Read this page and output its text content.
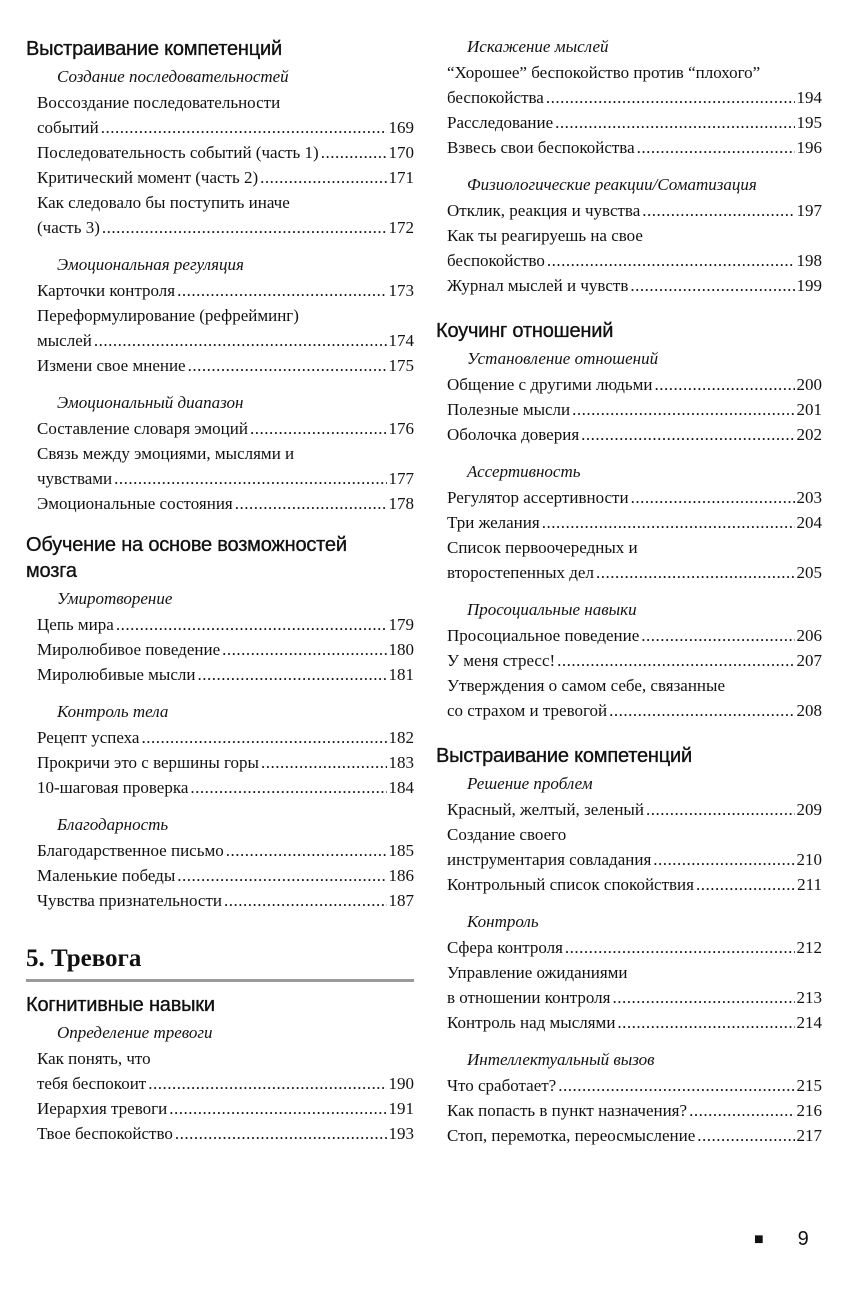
Выстраивание компетенций
Создание последовательностей
Воссоздание последовательности
событий .....	169
Последовательность событий (часть 1) .....	170
Критический момент (часть 2) .....	171
Как следовало бы поступить иначе
(часть 3) .....	172
Эмоциональная регуляция
Карточки контроля .....	173
Переформулирование (рефрейминг)
мыслей .....	174
Измени свое мнение .....	175
Эмоциональный диапазон
Составление словаря эмоций .....	176
Связь между эмоциями, мыслями и
чувствами .....	177
Эмоциональные состояния .....	178
Обучение на основе возможностей
мозга
Умиротворение
Цепь мира .....	179
Миролюбивое поведение .....	180
Миролюбивые мысли .....	181
Контроль тела
Рецепт успеха .....	182
Прокричи это с вершины горы .....	183
10-шаговая проверка .....	184
Благодарность
Благодарственное письмо .....	185
Маленькие победы .....	186
Чувства признательности .....	187
5. Тревога
Когнитивные навыки
Определение тревоги
Как понять, что
тебя беспокоит .....	190
Иерархия тревоги .....	191
Твое беспокойство .....	193
Искажение мыслей
“Хорошее” беспокойство против “плохого”
беспокойства .....	194
Расследование .....	195
Взвесь свои беспокойства .....	196
Физиологические реакции/Соматизация
Отклик, реакция и чувства .....	197
Как ты реагируешь на свое
беспокойство .....	198
Журнал мыслей и чувств .....	199
Коучинг отношений
Установление отношений
Общение с другими людьми .....	200
Полезные мысли .....	201
Оболочка доверия .....	202
Ассертивность
Регулятор ассертивности .....	203
Три желания .....	204
Список первоочередных и
второстепенных дел .....	205
Просоциальные навыки
Просоциальное поведение .....	206
У меня стресс! .....	207
Утверждения о самом себе, связанные
со страхом и тревогой .....	208
Выстраивание компетенций
Решение проблем
Красный, желтый, зеленый .....	209
Создание своего
инструментария совладания .....	210
Контрольный список спокойствия .....	211
Контроль
Сфера контроля .....	212
Управление ожиданиями
в отношении контроля .....	213
Контроль над мыслями .....	214
Интеллектуальный вызов
Что сработает? .....	215
Как попасть в пункт назначения? .....	216
Стоп, перемотка, переосмысление .....	217
■ 9
